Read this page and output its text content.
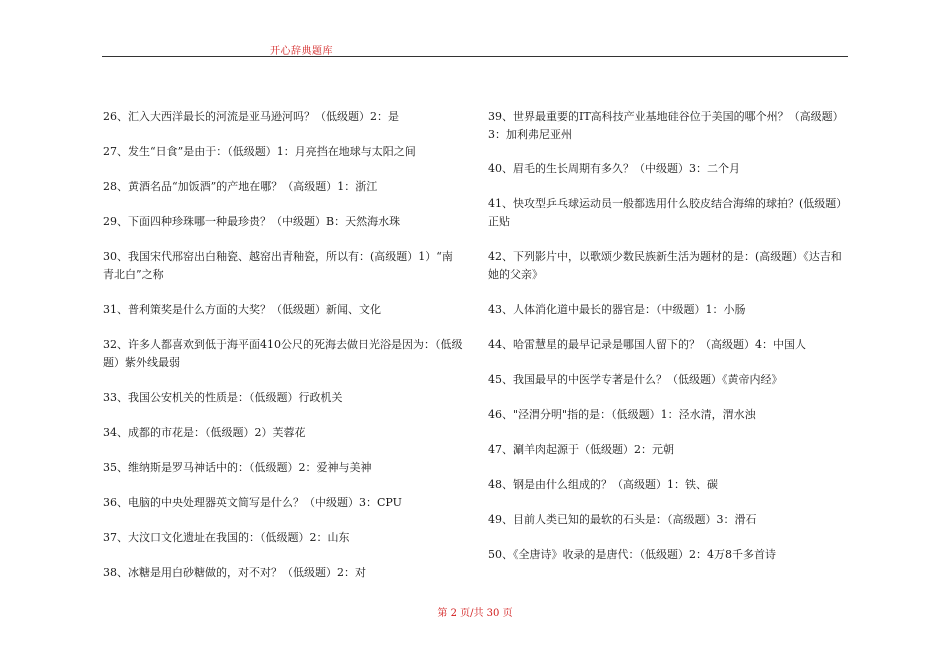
开心辞典题库
26、汇入大西洋最长的河流是亚马逊河吗？（低级题）2：是
27、发生“日食”是由于：（低级题）1：月亮挡在地球与太阳之间
28、黄酒名品“加饭酒”的产地在哪？（高级题）1：浙江
29、下面四种珍珠哪一种最珍贵？（中级题）B：天然海水珠
30、我国宋代邢窑出白釉瓷、越窑出青釉瓷，所以有：(高级题）1）“南青北白”之称
31、普利策奖是什么方面的大奖？（低级题）新闻、文化
32、许多人都喜欢到低于海平面410公尺的死海去做日光浴是因为：（低级题）紫外线最弱
33、我国公安机关的性质是：（低级题）行政机关
34、成都的市花是：（低级题）2）芙蓉花
35、维纳斯是罗马神话中的：（低级题）2：爱神与美神
36、电脑的中央处理器英文简写是什么？（中级题）3：CPU
37、大汶口文化遗址在我国的：（低级题）2：山东
38、冰糖是用白砂糖做的，对不对？（低级题）2：对
39、世界最重要的IT高科技产业基地硅谷位于美国的哪个州？（高级题）3：加利弗尼亚州
40、眉毛的生长周期有多久？（中级题）3：二个月
41、快攻型乒乓球运动员一般都选用什么胶皮结合海绵的球拍？(低级题）正贴
42、下列影片中，以歌颂少数民族新生活为题材的是：(高级题）《达吉和她的父亲》
43、人体消化道中最长的器官是：（中级题）1：小肠
44、哈雷慧星的最早记录是哪国人留下的？（高级题）4：中国人
45、我国最早的中医学专著是什么？（低级题）《黄帝内经》
46、"泾渭分明"指的是：（低级题）1：泾水清，渭水浊
47、涮羊肉起源于（低级题）2：元朝
48、钢是由什么组成的？（高级题）1：铁、碳
49、目前人类已知的最软的石头是：（高级题）3：滑石
50、《全唐诗》收录的是唐代：（低级题）2：4万8千多首诗
第 2 页/共 30 页
